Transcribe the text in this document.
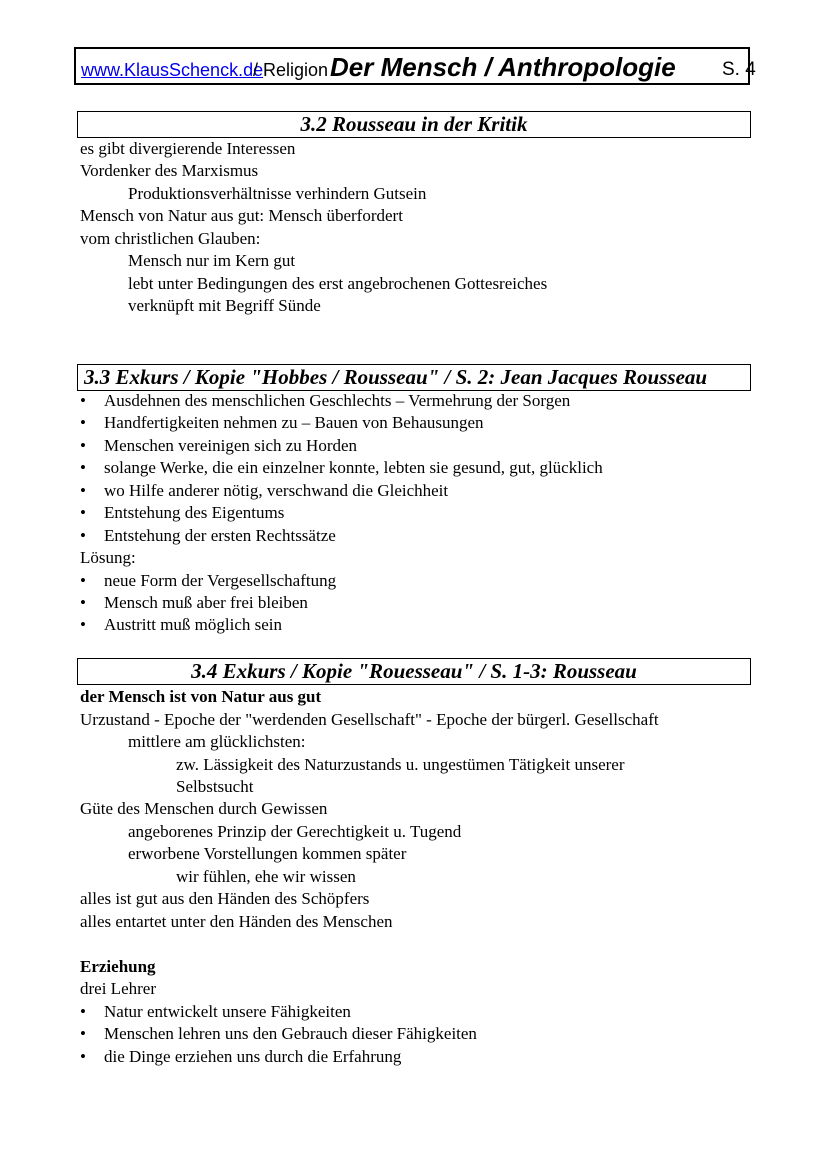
www.KlausSchenck.de
/ Religion Der Mensch / Anthropologie S. 4
3.2 Rousseau in der Kritik
es gibt divergierende Interessen
Vordenker des Marxismus
Produktionsverhältnisse verhindern Gutsein
Mensch von Natur aus gut: Mensch überfordert
vom christlichen Glauben:
Mensch nur im Kern gut
lebt unter Bedingungen des erst angebrochenen Gottesreiches
verknüpft mit Begriff Sünde
3.3 Exkurs / Kopie "Hobbes / Rousseau" / S. 2: Jean Jacques Rousseau
• Ausdehnen des menschlichen Geschlechts – Vermehrung der Sorgen
• Handfertigkeiten nehmen zu – Bauen von Behausungen
• Menschen vereinigen sich zu Horden
• solange Werke, die ein einzelner konnte, lebten sie gesund, gut, glücklich
• wo Hilfe anderer nötig, verschwand die Gleichheit
• Entstehung des Eigentums
• Entstehung der ersten Rechtssätze
Lösung:
• neue Form der Vergesellschaftung
• Mensch muß aber frei bleiben
• Austritt muß möglich sein
3.4 Exkurs / Kopie "Rouesseau" / S. 1-3: Rousseau
der Mensch ist von Natur aus gut
Urzustand - Epoche der "werdenden Gesellschaft" - Epoche der bürgerl. Gesellschaft
mittlere am glücklichsten:
zw. Lässigkeit des Naturzustands u. ungestümen Tätigkeit unserer
Selbstsucht
Güte des Menschen durch Gewissen
angeborenes Prinzip der Gerechtigkeit u. Tugend
erworbene Vorstellungen kommen später
wir fühlen, ehe wir wissen
alles ist gut aus den Händen des Schöpfers
alles entartet unter den Händen des Menschen
Erziehung
drei Lehrer
• Natur entwickelt unsere Fähigkeiten
• Menschen lehren uns den Gebrauch dieser Fähigkeiten
• die Dinge erziehen uns durch die Erfahrung
